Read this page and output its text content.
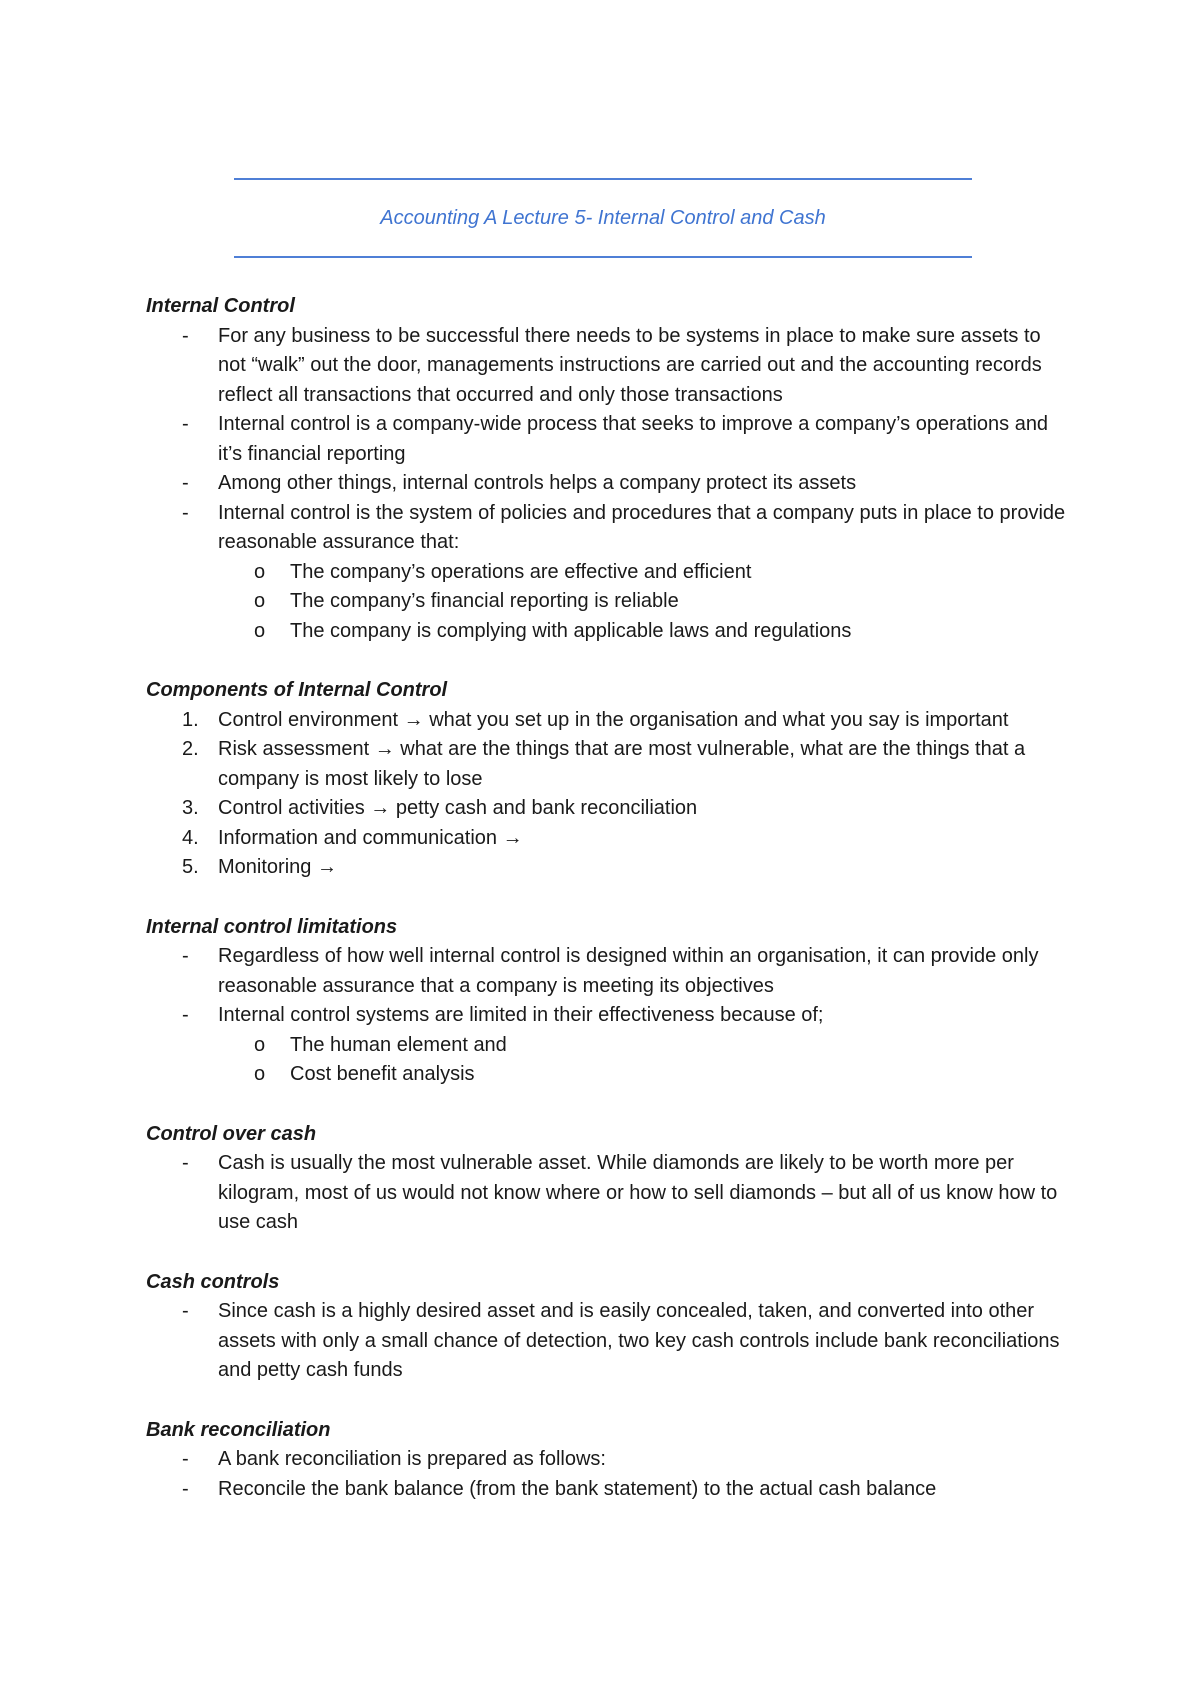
Accounting A Lecture 5- Internal Control and Cash

Internal Control

-	For any business to be successful there needs to be systems in place to make sure assets to not “walk” out the door, managements instructions are carried out and the accounting records reflect all transactions that occurred and only those transactions
-	Internal control is a company-wide process that seeks to improve a company’s operations and it’s financial reporting
-	Among other things, internal controls helps a company protect its assets
-	Internal control is the system of policies and procedures that a company puts in place to provide reasonable assurance that:
o	The company’s operations are effective and efficient
o	The company’s financial reporting is reliable
o	The company is complying with applicable laws and regulations

Components of Internal Control

1. Control environment → what you set up in the organisation and what you say is important
2. Risk assessment → what are the things that are most vulnerable, what are the things that a company is most likely to lose
3. Control activities → petty cash and bank reconciliation
4. Information and communication →
5. Monitoring →

Internal control limitations

-	Regardless of how well internal control is designed within an organisation, it can provide only reasonable assurance that a company is meeting its objectives
-	Internal control systems are limited in their effectiveness because of;
o	The human element and
o	Cost benefit analysis

Control over cash

-	Cash is usually the most vulnerable asset. While diamonds are likely to be worth more per kilogram, most of us would not know where or how to sell diamonds – but all of us know how to use cash

Cash controls

-	Since cash is a highly desired asset and is easily concealed, taken, and converted into other assets with only a small chance of detection, two key cash controls include bank reconciliations and petty cash funds

Bank reconciliation

-	A bank reconciliation is prepared as follows:
-	Reconcile the bank balance (from the bank statement) to the actual cash balance
